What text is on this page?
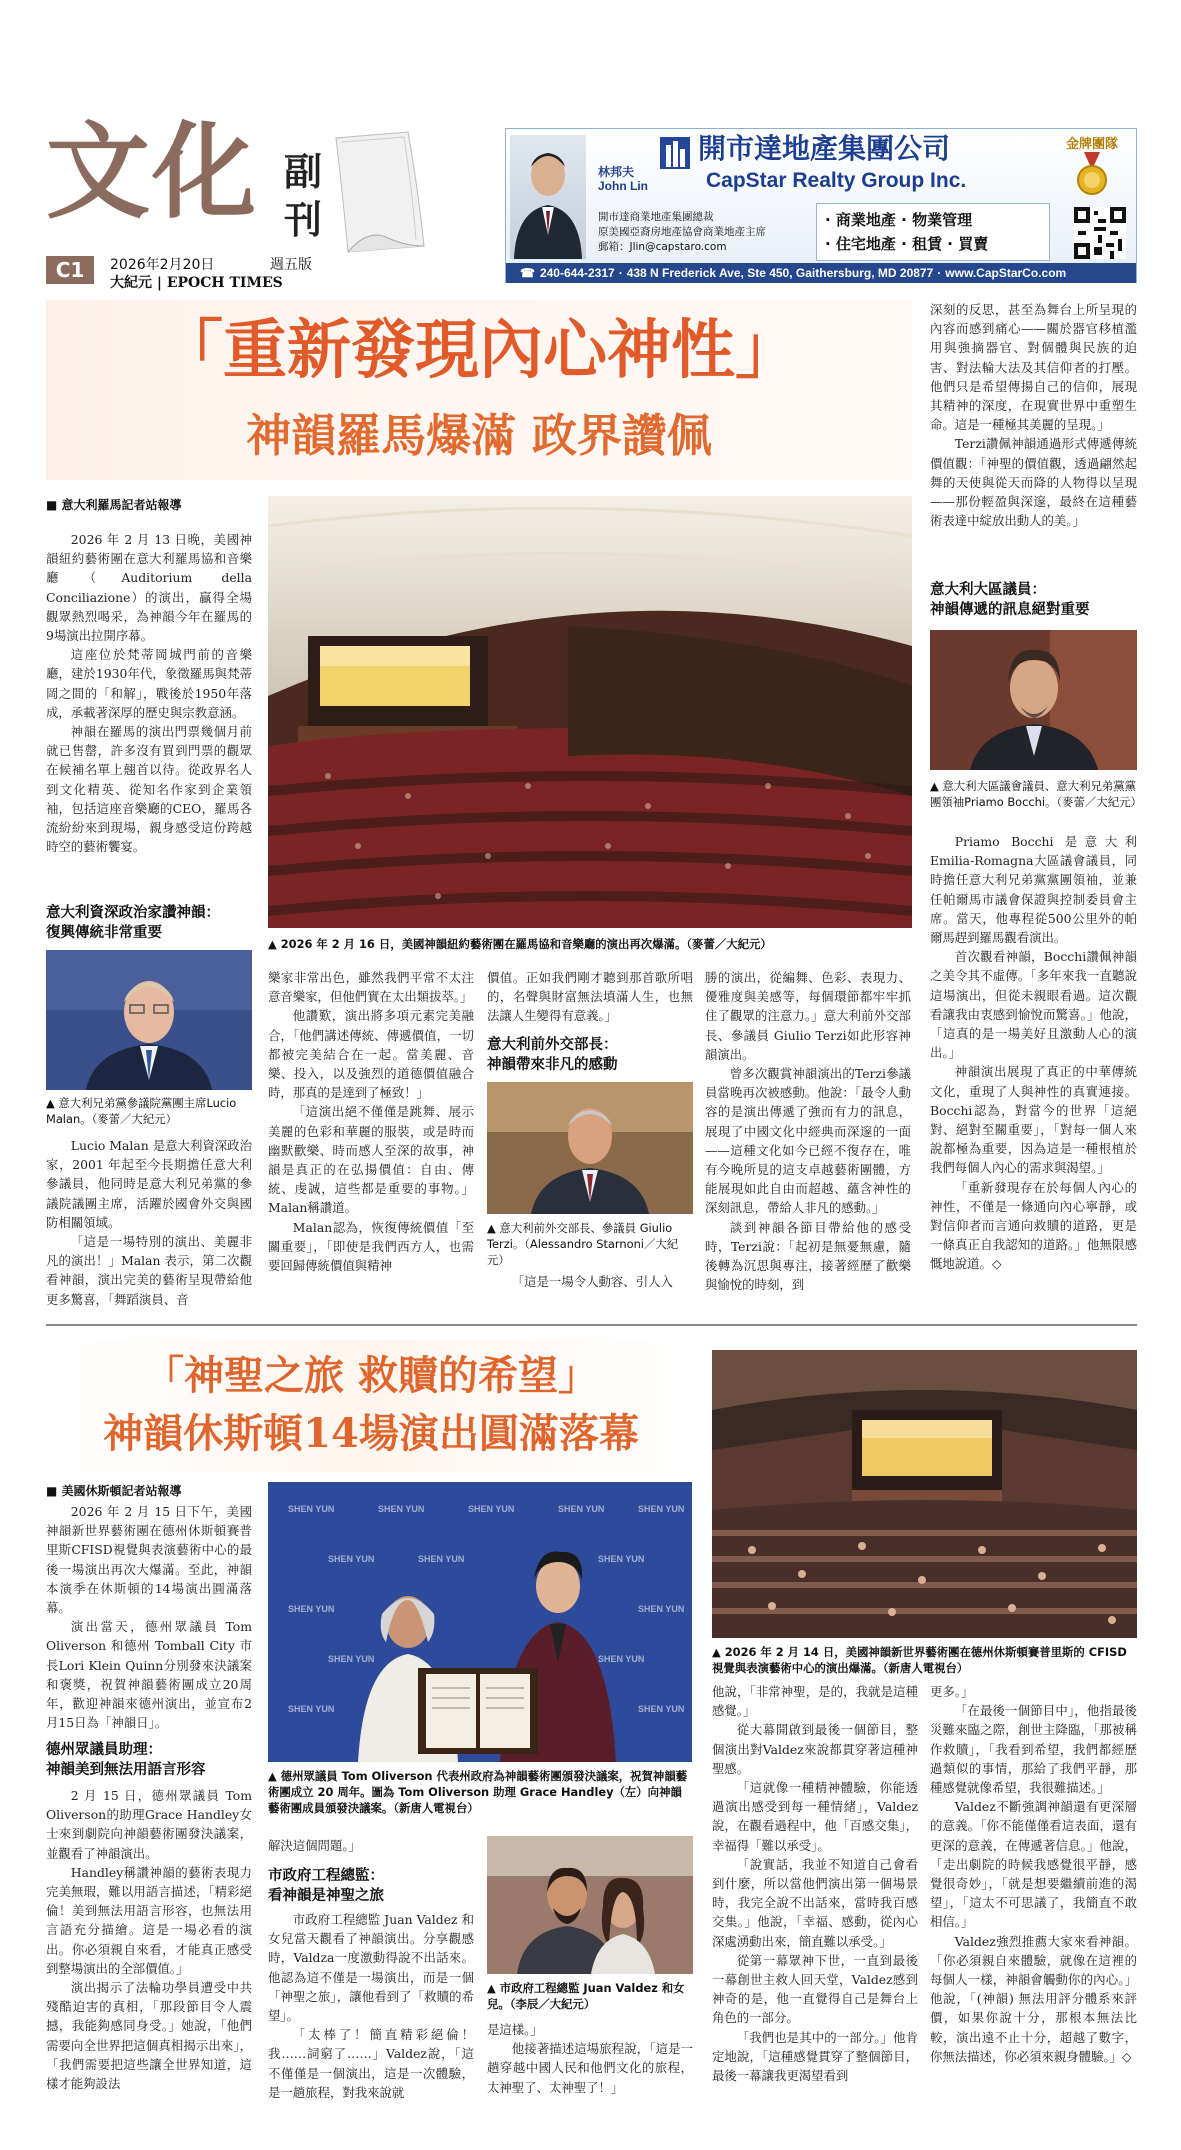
文化 副
刊
C1	2026年2月20日	週五版
大紀元 | EPOCH TIMES
林邦夫
John Lin
開市達商業地產集團總裁
原美國亞裔房地產協會商業地產主席
郵箱：Jlin@capstaro.com
開市達地產集團公司
CapStar Realty Group Inc.
金牌團隊
· 商業地產 · 物業管理
· 住宅地產 · 租賃 · 買賣
☎ 240-644-2317 · 438 N Frederick Ave, Ste 450, Gaithersburg, MD 20877 · www.CapStarCo.com
「重新發現內心神性」
神韻羅馬爆滿 政界讚佩
■ 意大利羅馬記者站報導

2026 年 2 月 13 日晚，美國神韻紐約藝術團在意大利羅馬協和音樂廳（Auditorium della Conciliazione）的演出，贏得全場觀眾熱烈喝采，為神韻今年在羅馬的9場演出拉開序幕。

這座位於梵蒂岡城門前的音樂廳，建於1930年代，象徵羅馬與梵蒂岡之間的「和解」，戰後於1950年落成，承載著深厚的歷史與宗教意涵。

神韻在羅馬的演出門票幾個月前就已售罄，許多沒有買到門票的觀眾在候補名單上翹首以待。從政界名人到文化精英、從知名作家到企業領袖，包括這座音樂廳的CEO，羅馬各流紛紛來到現場，親身感受這份跨越時空的藝術饗宴。

意大利資深政治家讚神韻：
復興傳統非常重要
▲ 意大利兄弟黨參議院黨團主席Lucio Malan。（麥蕾／大紀元）

Lucio Malan 是意大利資深政治家，2001 年起至今長期擔任意大利參議員，他同時是意大利兄弟黨的參議院議團主席，活躍於國會外交與國防相關領域。

「這是一場特別的演出、美麗非凡的演出！」Malan 表示，第二次觀看神韻，演出完美的藝術呈現帶給他更多驚喜，「舞蹈演員、音

▲ 2026 年 2 月 16 日，美國神韻紐約藝術團在羅馬協和音樂廳的演出再次爆滿。（麥蕾／大紀元）

樂家非常出色，雖然我們平常不太注意音樂家，但他們實在太出類拔萃。」

他讚歎，演出將多項元素完美融合，「他們講述傳統、傳遞價值，一切都被完美結合在一起。當美麗、音樂、投入，以及強烈的道德價值融合時，那真的是達到了極致！」

「這演出絕不僅僅是跳舞、展示美麗的色彩和華麗的服裝，或是時而幽默歡樂、時而感人至深的故事，神韻是真正的在弘揚價值：自由、傳統、虔誠，這些都是重要的事物。」Malan稱讚道。

Malan認為，恢復傳統價值「至關重要」，「即使是我們西方人，也需要回歸傳統價值與精神

價值。正如我們剛才聽到那首歌所唱的，名聲與財富無法填滿人生，也無法讓人生變得有意義。」

意大利前外交部長：
神韻帶來非凡的感動
▲ 意大利前外交部長、參議員 Giulio Terzi。（Alessandro Starnoni／大紀元）

「這是一場令人動容、引人入

勝的演出，從編舞、色彩、表現力、優雅度與美感等，每個環節都牢牢抓住了觀眾的注意力。」意大利前外交部長、參議員 Giulio Terzi如此形容神韻演出。

曾多次觀賞神韻演出的Terzi參議員當晚再次被感動。他說：「最令人動容的是演出傳遞了強而有力的訊息，展現了中國文化中經典而深邃的一面——這種文化如今已經不復存在，唯有今晚所見的這支卓越藝術團體，方能展現如此自由而超越、蘊含神性的深刻訊息，帶給人非凡的感動。」

談到神韻各節目帶給他的感受時，Terzi說：「起初是無憂無慮，隨後轉為沉思與專注，接著經歷了歡樂與愉悅的時刻，到

深刻的反思，甚至為舞台上所呈現的內容而感到痛心——關於器官移植濫用與強摘器官、對個體與民族的迫害、對法輪大法及其信仰者的打壓。他們只是希望傳揚自己的信仰，展現其精神的深度，在現實世界中重塑生命。這是一種極其美麗的呈現。」

Terzi讚佩神韻通過形式傳遞傳統價值觀：「神聖的價值觀，透過翩然起舞的天使與從天而降的人物得以呈現——那份輕盈與深邃，最終在這種藝術表達中綻放出動人的美。」

意大利大區議員：
神韻傳遞的訊息絕對重要
▲ 意大利大區議會議員、意大利兄弟黨黨團領袖Priamo Bocchi。（麥蕾／大紀元）

Priamo Bocchi 是意大利Emilia-Romagna大區議會議員，同時擔任意大利兄弟黨黨團領袖，並兼任帕爾馬市議會保證與控制委員會主席。當天，他專程從500公里外的帕爾馬趕到羅馬觀看演出。

首次觀看神韻，Bocchi讚佩神韻之美令其不虛傳。「多年來我一直聽說這場演出，但從未親眼看過。這次觀看讓我由衷感到愉悅而驚喜。」他說，「這真的是一場美好且激動人心的演出。」

神韻演出展現了真正的中華傳統文化，重現了人與神性的真實連接。Bocchi認為，對當今的世界「這絕對、絕對至關重要」，「對每一個人來說都極為重要，因為這是一種根植於我們每個人內心的需求與渴望。」

「重新發現存在於每個人內心的神性，不僅是一條通向內心寧靜，或對信仰者而言通向救贖的道路，更是一條真正自我認知的道路。」他無限感慨地說道。◇

「神聖之旅 救贖的希望」
神韻休斯頓14場演出圓滿落幕
▲ 2026 年 2 月 14 日，美國神韻新世界藝術團在德州休斯頓賽普里斯的 CFISD 視覺與表演藝術中心的演出爆滿。（新唐人電視台）
■ 美國休斯頓記者站報導

2026 年 2 月 15 日下午，美國神韻新世界藝術團在德州休斯頓賽普里斯CFISD視覺與表演藝術中心的最後一場演出再次大爆滿。至此，神韻本演季在休斯頓的14場演出圓滿落幕。

演出當天，德州眾議員 Tom Oliverson 和德州 Tomball City 市長Lori Klein Quinn分別發來決議案和褒獎，祝賀神韻藝術團成立20周年，歡迎神韻來德州演出，並宣布2月15日為「神韻日」。

德州眾議員助理：
神韻美到無法用語言形容

2 月 15 日，德州眾議員 Tom Oliverson的助理Grace Handley女士來到劇院向神韻藝術團發決議案，並觀看了神韻演出。

Handley稱讚神韻的藝術表現力完美無瑕，難以用語言描述，「精彩絕倫！美到無法用語言形容，也無法用言語充分描繪。這是一場必看的演出。你必須親自來看，才能真正感受到整場演出的全部價值。」

演出揭示了法輪功學員遭受中共殘酷迫害的真相，「那段節目令人震撼，我能夠感同身受。」她說，「他們需要向全世界把這個真相揭示出來」，「我們需要把這些讓全世界知道，這樣才能夠設法

SHEN YUN	SHEN YUN	SHEN YUN	SHEN YUN	SHEN YUN
SHEN YUN	SHEN YUN	SHEN YUN
SHEN YUN	SHEN YUN
SHEN YUN	SHEN YUN
SHEN YUN	SHEN YUN
▲ 德州眾議員 Tom Oliverson 代表州政府為神韻藝術團頒發決議案，祝賀神韻藝術團成立 20 周年。圖為 Tom Oliverson 助理 Grace Handley（左）向神韻藝術團成員頒發決議案。（新唐人電視台）

解決這個問題。」

市政府工程總監：
看神韻是神聖之旅

市政府工程總監 Juan Valdez 和女兒當天觀看了神韻演出。分享觀感時，Valdza一度激動得說不出話來。他認為這不僅是一場演出，而是一個「神聖之旅」，讓他看到了「救贖的希望」。

「太棒了！簡直精彩絕倫！我……詞窮了……」Valdez說，「這不僅僅是一個演出，這是一次體驗，是一趟旅程，對我來說就

▲ 市政府工程總監 Juan Valdez 和女兒。（李辰／大紀元）

是這樣。」

他接著描述這場旅程說，「這是一趟穿越中國人民和他們文化的旅程，太神聖了、太神聖了！」

他說，「非常神聖，是的，我就是這種感覺。」

從大幕開啟到最後一個節目，整個演出對Valdez來說都貫穿著這種神聖感。

「這就像一種精神體驗，你能透過演出感受到每一種情緒」，Valdez說，在觀看過程中，他「百感交集」，幸福得「難以承受」。

「說實話，我並不知道自己會看到什麼，所以當他們演出第一個場景時，我完全說不出話來，當時我百感交集。」他說，「幸福、感動，從內心深處湧動出來，簡直難以承受。」

從第一幕眾神下世，一直到最後一幕創世主救人回天堂，Valdez感到神奇的是，他一直覺得自己是舞台上角色的一部分。

「我們也是其中的一部分。」他肯定地說，「這種感覺貫穿了整個節目，最後一幕讓我更渴望看到

更多。」

「在最後一個節目中」，他指最後災難來臨之際，創世主降臨，「那被稱作救贖」，「我看到希望，我們都經歷過類似的事情，那給了我們平靜，那種感覺就像希望，我很難描述。」

Valdez不斷強調神韻還有更深層的意義。「你不能僅僅看這表面，還有更深的意義，在傳遞著信息。」他說，「走出劇院的時候我感覺很平靜，感覺很奇妙」，「就是想要繼續前進的渴望」，「這太不可思議了，我簡直不敢相信。」

Valdez強烈推薦大家來看神韻。「你必須親自來體驗，就像在這裡的每個人一樣，神韻會觸動你的內心。」他說，「(神韻) 無法用評分體系來評價，如果你說十分，那根本無法比較，演出遠不止十分，超越了數字，你無法描述，你必須來親身體驗。」◇
